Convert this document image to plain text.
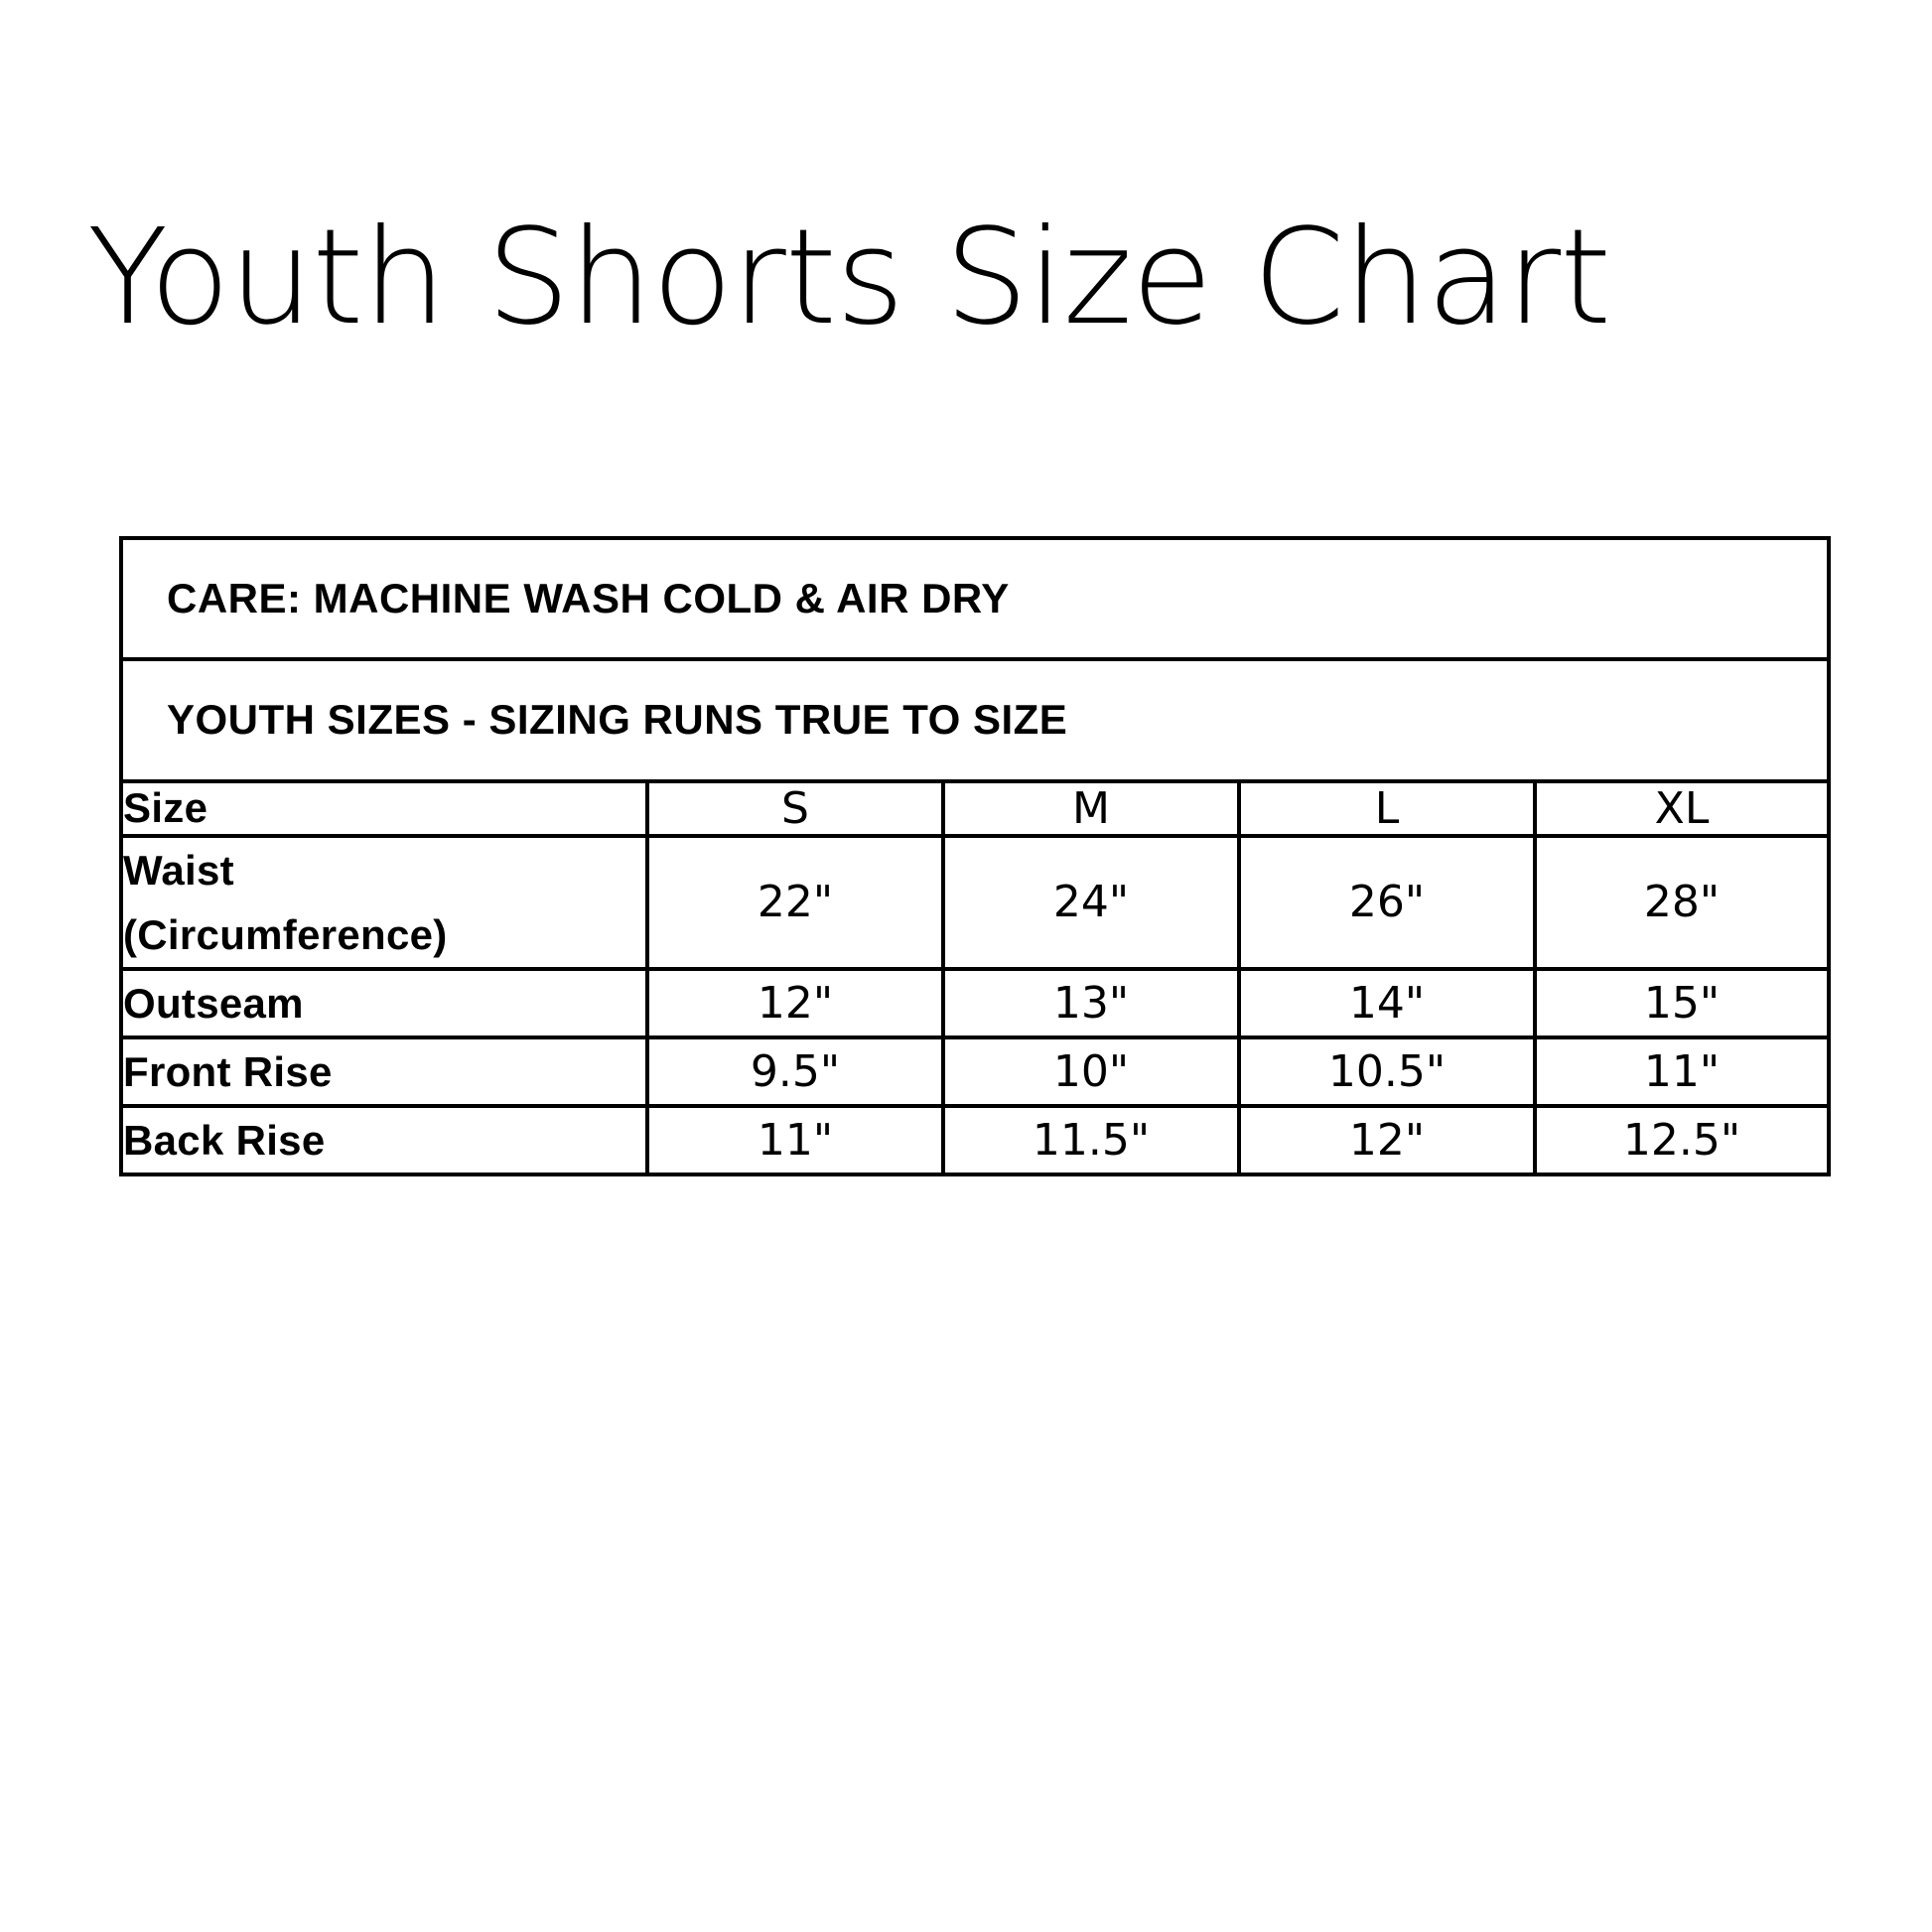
Youth Shorts Size Chart
CARE: MACHINE WASH COLD & AIR DRY				

YOUTH SIZES - SIZING RUNS TRUE TO SIZE				

Size	S	M	L	XL

Waist
(Circumference)	22"	24"	26"	28"
Outseam	12"	13"	14"	15"
Front Rise	9.5"	10"	10.5"	11"
Back Rise	11"	11.5"	12"	12.5"
